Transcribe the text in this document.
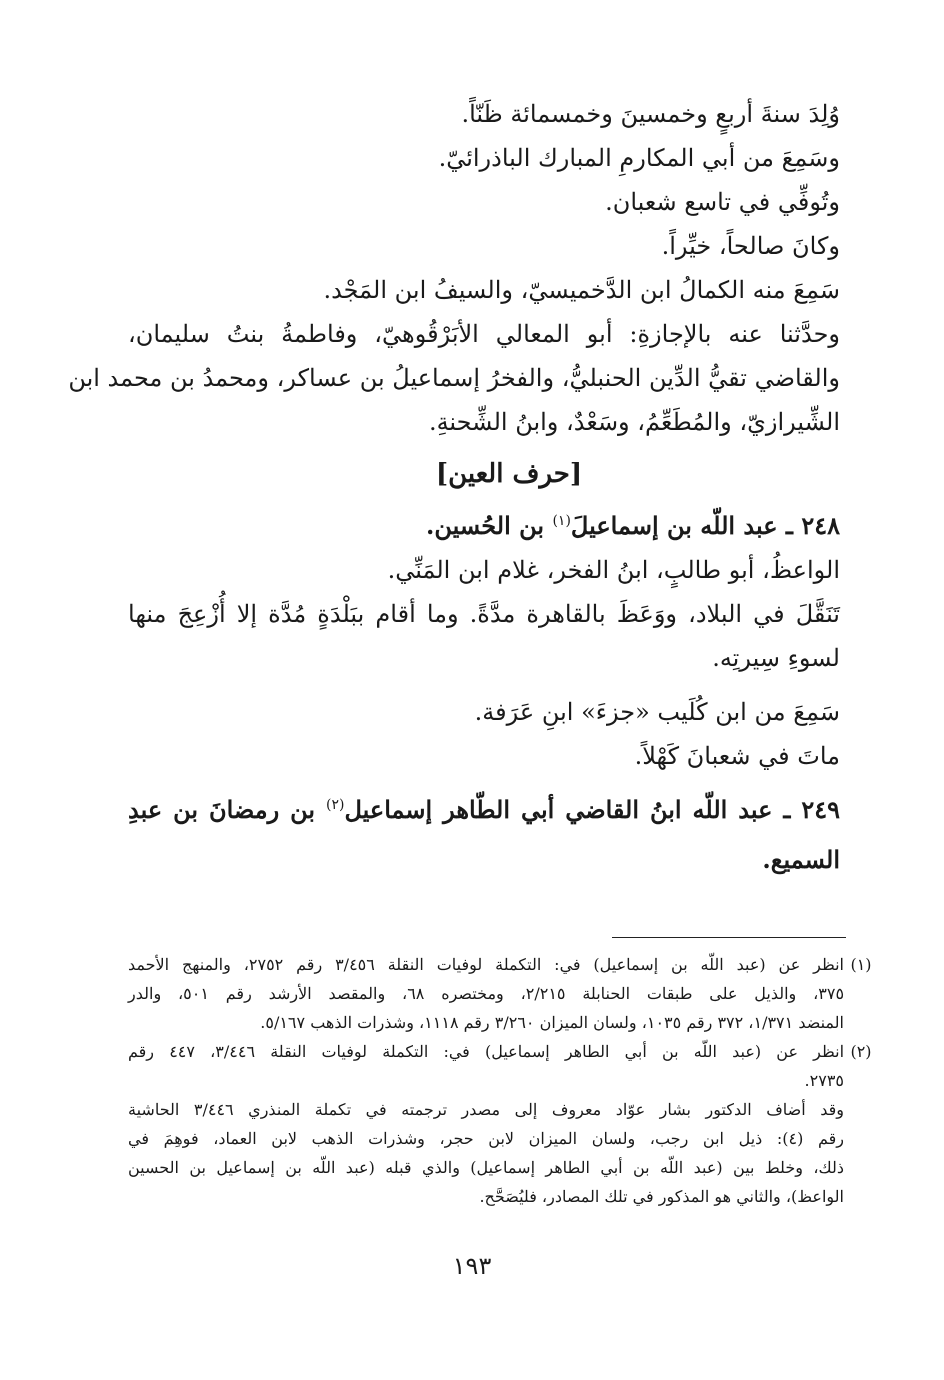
وُلِدَ سنةَ أربعٍ وخمسينَ وخمسمائة ظَنّاً.
وسَمِعَ من أبي المكارمِ المبارك الباذرائيّ.
وتُوفِّي في تاسع شعبان.
وكانَ صالحاً، خيِّراً.
سَمِعَ منه الكمالُ ابن الدَّخميسيّ، والسيفُ ابن المَجْد.
وحدَّثنا عنه بالإجازةِ: أبو المعالي الأبَرْقُوهيّ، وفاطمةُ بنتُ سليمان،
والقاضي تقيُّ الدِّين الحنبليُّ، والفخرُ إسماعيلُ بن عساكر، ومحمدُ بن محمد ابن
الشِّيرازيّ، والمُطَعِّمُ، وسَعْدٌ، وابنُ الشِّحنةِ.
[حرف العين]
٢٤٨ ـ عبد اللّه بن إسماعيلَ$^{(١)}$ بن الحُسين.
الواعظُ، أبو طالبٍ، ابنُ الفخر، غلام ابن المَنِّي.
تَنَقَّلَ في البلاد، ووَعَظَ بالقاهرة مدَّةً. وما أقام ببَلْدَةٍ مُدَّة إلا أُزْعِجَ منها
لسوءِ سِيرتِه.
سَمِعَ من ابن كُلَيب «جزءَ» ابنِ عَرَفة.
ماتَ في شعبانَ كَهْلاً.
٢٤٩ ـ عبد اللّه ابنُ القاضي أبي الطّاهر إسماعيل$^{(٢)}$ بن رمضانَ بن عبدِ
السميع.
(١)
انظر عن (عبد اللّه بن إسماعيل) في: التكملة لوفيات النقلة ٣/٤٥٦ رقم ٢٧٥٢، والمنهج الأحمد
٣٧٥، والذيل على طبقات الحنابلة ٢/٢١٥، ومختصره ٦٨، والمقصد الأرشد رقم ٥٠١، والدر
المنضد ١/٣٧١، ٣٧٢ رقم ١٠٣٥، ولسان الميزان ٣/٢٦٠ رقم ١١١٨، وشذرات الذهب ٥/١٦٧.
(٢)
انظر عن (عبد اللّه بن أبي الطاهر إسماعيل) في: التكملة لوفيات النقلة ٣/٤٤٦، ٤٤٧ رقم
٢٧٣٥.
وقد أضاف الدكتور بشار عوّاد معروف إلى مصدر ترجمته في تكملة المنذري ٣/٤٤٦ الحاشية
رقم (٤): ذيل ابن رجب، ولسان الميزان لابن حجر، وشذرات الذهب لابن العماد، فوهِمَ في
ذلك، وخلط بين (عبد اللّه بن أبي الطاهر إسماعيل) والذي قبله (عبد اللّه بن إسماعيل بن الحسين
الواعظ)، والثاني هو المذكور في تلك المصادر، فليُصَحَّح.
١٩٣
